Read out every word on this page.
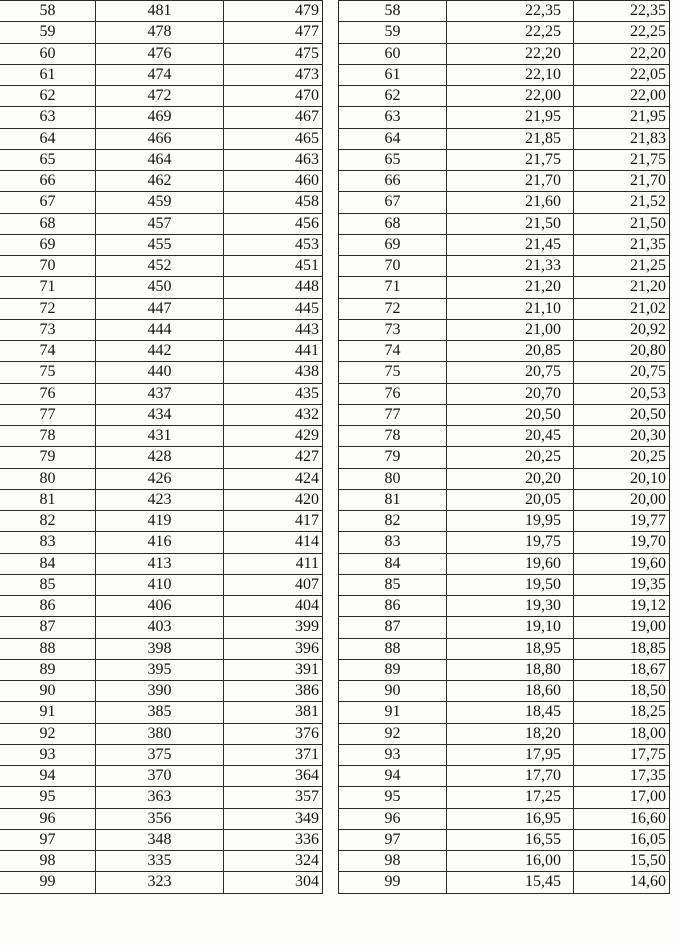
58	481	479
59	478	477
60	476	475
61	474	473
62	472	470
63	469	467
64	466	465
65	464	463
66	462	460
67	459	458
68	457	456
69	455	453
70	452	451
71	450	448
72	447	445
73	444	443
74	442	441
75	440	438
76	437	435
77	434	432
78	431	429
79	428	427
80	426	424
81	423	420
82	419	417
83	416	414
84	413	411
85	410	407
86	406	404
87	403	399
88	398	396
89	395	391
90	390	386
91	385	381
92	380	376
93	375	371
94	370	364
95	363	357
96	356	349
97	348	336
98	335	324
99	323	304

58	22,35	22,35
59	22,25	22,25
60	22,20	22,20
61	22,10	22,05
62	22,00	22,00
63	21,95	21,95
64	21,85	21,83
65	21,75	21,75
66	21,70	21,70
67	21,60	21,52
68	21,50	21,50
69	21,45	21,35
70	21,33	21,25
71	21,20	21,20
72	21,10	21,02
73	21,00	20,92
74	20,85	20,80
75	20,75	20,75
76	20,70	20,53
77	20,50	20,50
78	20,45	20,30
79	20,25	20,25
80	20,20	20,10
81	20,05	20,00
82	19,95	19,77
83	19,75	19,70
84	19,60	19,60
85	19,50	19,35
86	19,30	19,12
87	19,10	19,00
88	18,95	18,85
89	18,80	18,67
90	18,60	18,50
91	18,45	18,25
92	18,20	18,00
93	17,95	17,75
94	17,70	17,35
95	17,25	17,00
96	16,95	16,60
97	16,55	16,05
98	16,00	15,50
99	15,45	14,60
